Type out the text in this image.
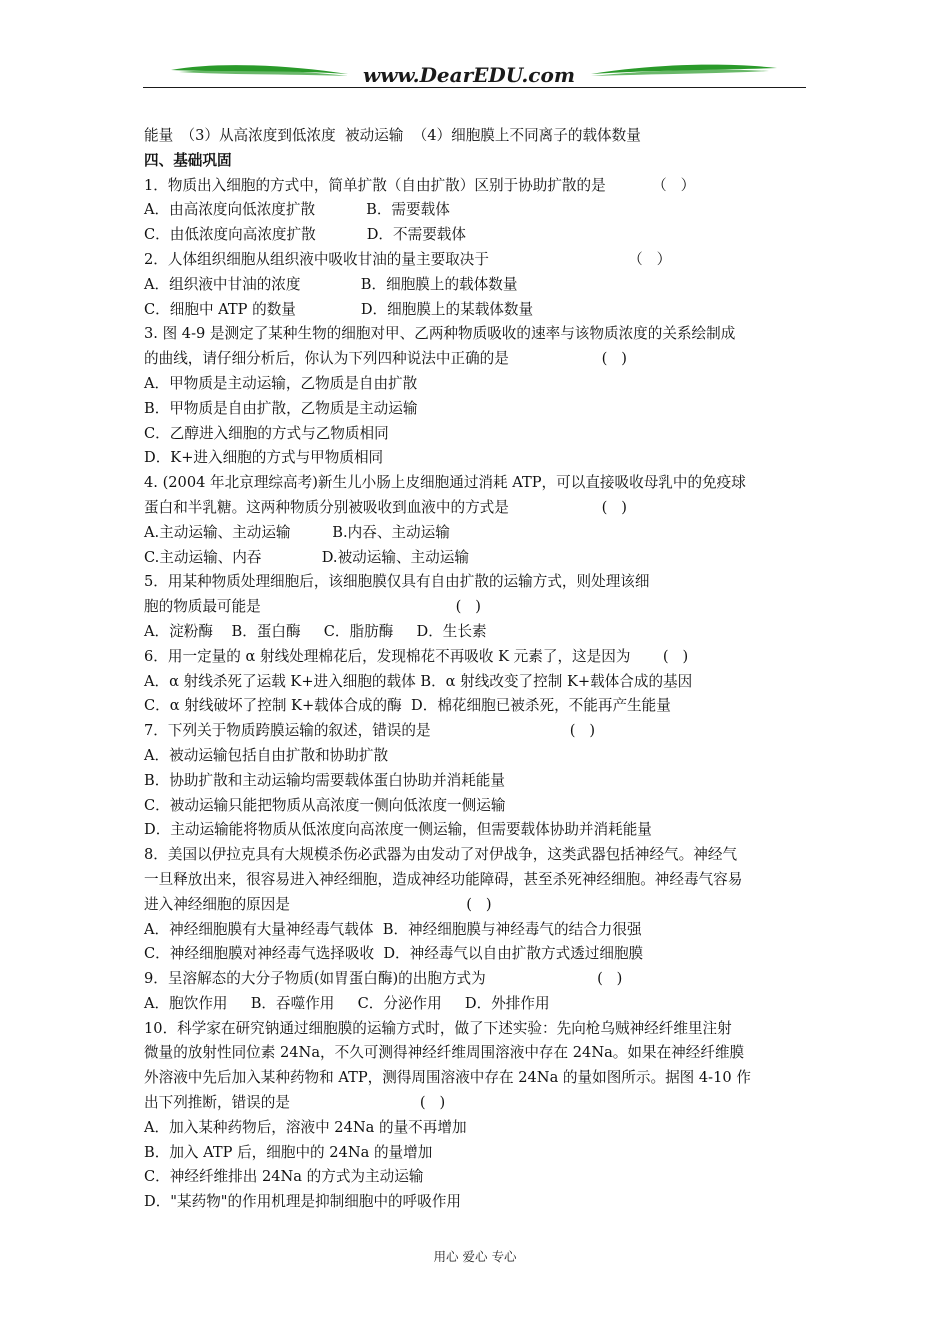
www.DearEDU.com
能量　（3）从高浓度到低浓度  被动运输  （4）细胞膜上不同离子的载体数量
四、基础巩固
1．物质出入细胞的方式中，简单扩散（自由扩散）区别于协助扩散的是          （   ）
A．由高浓度向低浓度扩散           B．需要载体
C．由低浓度向高浓度扩散           D．不需要载体
2．人体组织细胞从组织液中吸收甘油的量主要取决于                              （   ）
A．组织液中甘油的浓度             B．细胞膜上的载体数量
C．细胞中 ATP 的数量              D．细胞膜上的某载体数量
3. 图 4-9 是测定了某种生物的细胞对甲、乙两种物质吸收的速率与该物质浓度的关系绘制成
的曲线，请仔细分析后，你认为下列四种说法中正确的是                    (   )
A．甲物质是主动运输，乙物质是自由扩散
B．甲物质是自由扩散，乙物质是主动运输
C．乙醇进入细胞的方式与乙物质相同
D．K+进入细胞的方式与甲物质相同
4. (2004 年北京理综高考)新生儿小肠上皮细胞通过消耗 ATP，可以直接吸收母乳中的免疫球
蛋白和半乳糖。这两种物质分别被吸收到血液中的方式是                    (   )
A.主动运输、主动运输         B.内吞、主动运输
C.主动运输、内吞             D.被动运输、主动运输
5．用某种物质处理细胞后，该细胞膜仅具有自由扩散的运输方式，则处理该细
胞的物质最可能是                                          (   )
A．淀粉酶    B．蛋白酶     C．脂肪酶     D．生长素
6．用一定量的 α 射线处理棉花后，发现棉花不再吸收 K 元素了，这是因为       (   )
A．α 射线杀死了运载 K+进入细胞的载体 B．α 射线改变了控制 K+载体合成的基因
C．α 射线破坏了控制 K+载体合成的酶  D．棉花细胞已被杀死，不能再产生能量
7．下列关于物质跨膜运输的叙述，错误的是                              (   )
A．被动运输包括自由扩散和协助扩散
B．协助扩散和主动运输均需要载体蛋白协助并消耗能量
C．被动运输只能把物质从高浓度一侧向低浓度一侧运输
D．主动运输能将物质从低浓度向高浓度一侧运输，但需要载体协助并消耗能量
8．美国以伊拉克具有大规模杀伤必武器为由发动了对伊战争，这类武器包括神经气。神经气
一旦释放出来，很容易进入神经细胞，造成神经功能障碍，甚至杀死神经细胞。神经毒气容易
进入神经细胞的原因是                                      (   )
A．神经细胞膜有大量神经毒气载体  B．神经细胞膜与神经毒气的结合力很强
C．神经细胞膜对神经毒气选择吸收  D．神经毒气以自由扩散方式透过细胞膜
9．呈溶解态的大分子物质(如胃蛋白酶)的出胞方式为                        (   )
A．胞饮作用     B．吞噬作用     C．分泌作用     D．外排作用
10．科学家在研究钠通过细胞膜的运输方式时，做了下述实验：先向枪乌贼神经纤维里注射
微量的放射性同位素 24Na，不久可测得神经纤维周围溶液中存在 24Na。如果在神经纤维膜
外溶液中先后加入某种药物和 ATP，测得周围溶液中存在 24Na 的量如图所示。据图 4-10 作
出下列推断，错误的是                            (   )
A．加入某种药物后，溶液中 24Na 的量不再增加
B．加入 ATP 后，细胞中的 24Na 的量增加
C．神经纤维排出 24Na 的方式为主动运输
D．"某药物"的作用机理是抑制细胞中的呼吸作用
用心 爱心 专心
